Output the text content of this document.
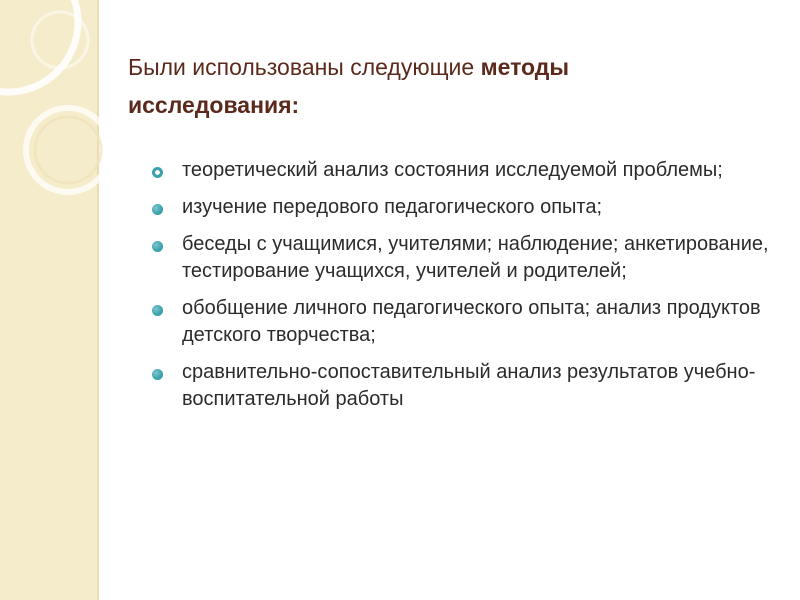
Были использованы следующие методы
исследования:
теоретический анализ состояния исследуемой проблемы;
изучение передового педагогического опыта;
беседы с учащимися, учителями; наблюдение; анкетирование, тестирование учащихся, учителей и родителей;
обобщение личного педагогического опыта; анализ продуктов детского творчества;
сравнительно-сопоставительный анализ результатов учебно-воспитательной работы
